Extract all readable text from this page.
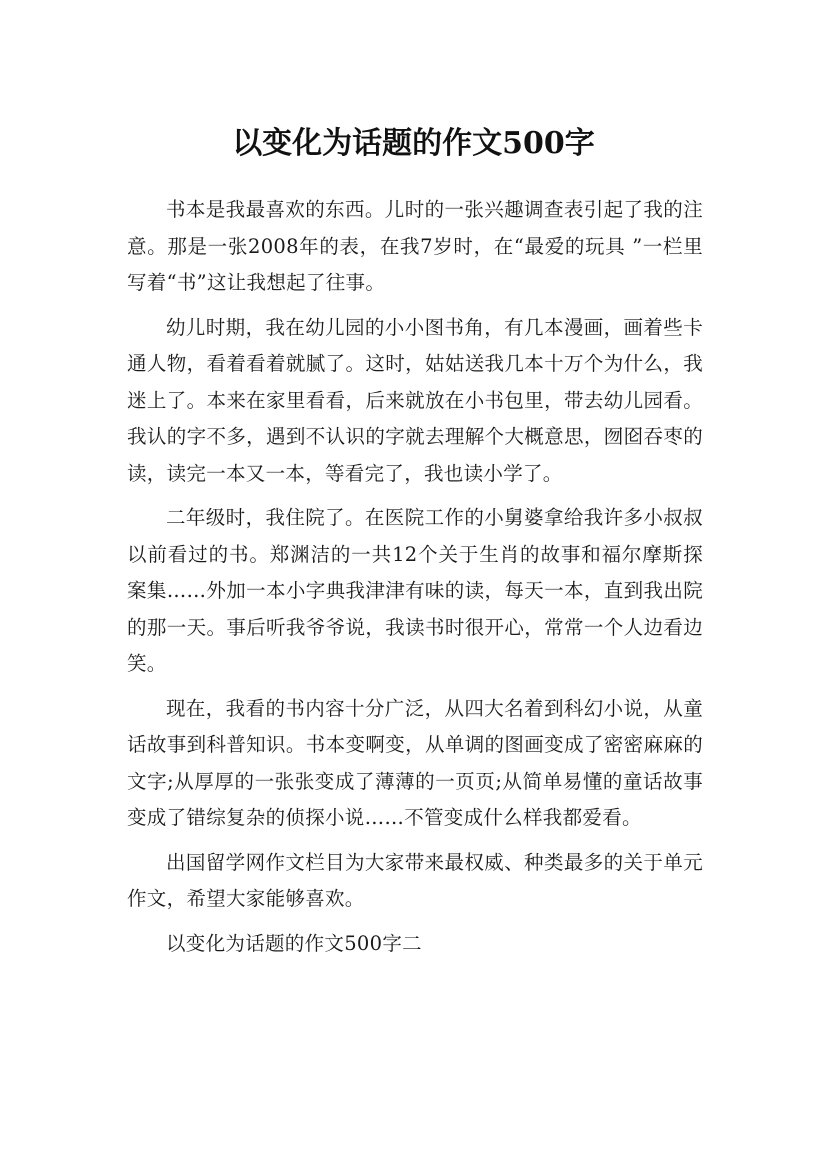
以变化为话题的作文500字

书本是我最喜欢的东西。儿时的一张兴趣调查表引起了我的注意。那是一张2008年的表，在我7岁时，在“最爱的玩具 ”一栏里写着“书”这让我想起了往事。

幼儿时期，我在幼儿园的小小图书角，有几本漫画，画着些卡通人物，看着看着就腻了。这时，姑姑送我几本十万个为什么，我迷上了。本来在家里看看，后来就放在小书包里，带去幼儿园看。我认的字不多，遇到不认识的字就去理解个大概意思，囫囵吞枣的读，读完一本又一本，等看完了，我也读小学了。

二年级时，我住院了。在医院工作的小舅婆拿给我许多小叔叔以前看过的书。郑渊洁的一共12个关于生肖的故事和福尔摩斯探案集……外加一本小字典我津津有味的读，每天一本，直到我出院的那一天。事后听我爷爷说，我读书时很开心，常常一个人边看边笑。

现在，我看的书内容十分广泛，从四大名着到科幻小说，从童话故事到科普知识。书本变啊变，从单调的图画变成了密密麻麻的文字;从厚厚的一张张变成了薄薄的一页页;从简单易懂的童话故事变成了错综复杂的侦探小说……不管变成什么样我都爱看。

出国留学网作文栏目为大家带来最权威、种类最多的关于单元作文，希望大家能够喜欢。

以变化为话题的作文500字二
